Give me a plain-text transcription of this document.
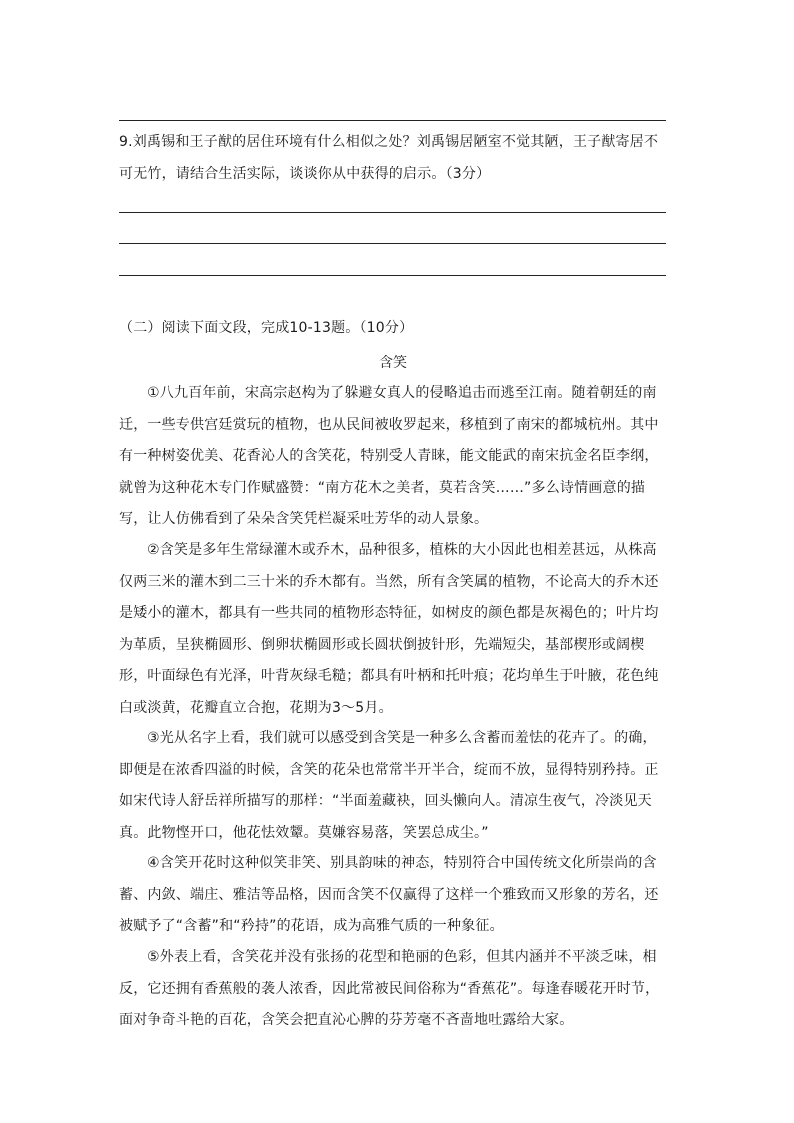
9.刘禹锡和王子猷的居住环境有什么相似之处？刘禹锡居陋室不觉其陋，王子猷寄居不可无竹，请结合生活实际，谈谈你从中获得的启示。（3分）

（二）阅读下面文段，完成10-13题。（10分）

含笑

①八九百年前，宋高宗赵构为了躲避女真人的侵略追击而逃至江南。随着朝廷的南迁，一些专供宫廷赏玩的植物，也从民间被收罗起来，移植到了南宋的都城杭州。其中有一种树姿优美、花香沁人的含笑花，特别受人青睐，能文能武的南宋抗金名臣李纲，就曾为这种花木专门作赋盛赞：“南方花木之美者，莫若含笑……”多么诗情画意的描写，让人仿佛看到了朵朵含笑凭栏凝采吐芳华的动人景象。

②含笑是多年生常绿灌木或乔木，品种很多，植株的大小因此也相差甚远，从株高仅两三米的灌木到二三十米的乔木都有。当然，所有含笑属的植物，不论高大的乔木还是矮小的灌木，都具有一些共同的植物形态特征，如树皮的颜色都是灰褐色的；叶片均为革质，呈狭椭圆形、倒卵状椭圆形或长圆状倒披针形，先端短尖，基部楔形或阔楔形，叶面绿色有光泽，叶背灰绿毛糙；都具有叶柄和托叶痕；花均单生于叶腋，花色纯白或淡黄，花瓣直立合抱，花期为3～5月。

③光从名字上看，我们就可以感受到含笑是一种多么含蓄而羞怯的花卉了。的确，即便是在浓香四溢的时候，含笑的花朵也常常半开半合，绽而不放，显得特别矜持。正如宋代诗人舒岳祥所描写的那样：“半面羞藏袂，回头懒向人。清凉生夜气，冷淡见天真。此物悭开口，他花怯效颦。莫嫌容易落，笑罢总成尘。”

④含笑开花时这种似笑非笑、别具韵味的神态，特别符合中国传统文化所崇尚的含蓄、内敛、端庄、雅洁等品格，因而含笑不仅赢得了这样一个雅致而又形象的芳名，还被赋予了“含蓄”和“矜持”的花语，成为高雅气质的一种象征。

⑤外表上看，含笑花并没有张扬的花型和艳丽的色彩，但其内涵并不平淡乏味，相反，它还拥有香蕉般的袭人浓香，因此常被民间俗称为“香蕉花”。每逢春暖花开时节，面对争奇斗艳的百花，含笑会把直沁心脾的芬芳毫不吝啬地吐露给大家。
